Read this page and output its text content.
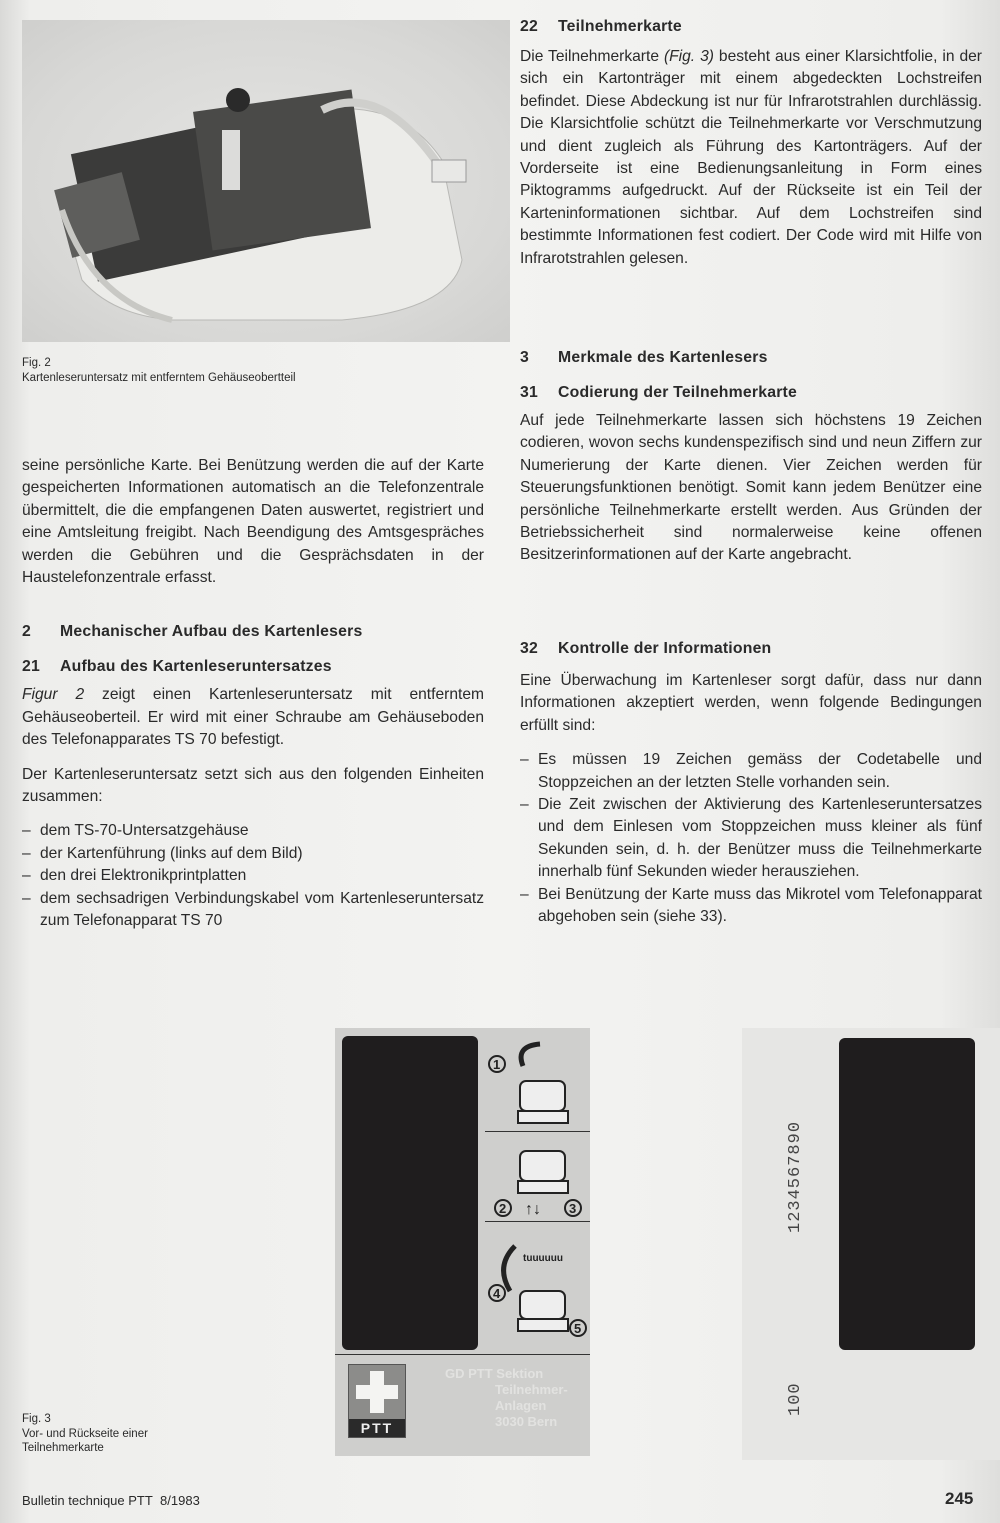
Fig. 2
Kartenleseruntersatz mit entferntem Gehäuseobertteil
22 Teilnehmerkarte

Die Teilnehmerkarte (Fig. 3) besteht aus einer Klarsichtfolie, in der sich ein Kartonträger mit einem abgedeckten Lochstreifen befindet. Diese Abdeckung ist nur für Infrarotstrahlen durchlässig. Die Klarsichtfolie schützt die Teilnehmerkarte vor Verschmutzung und dient zugleich als Führung des Kartonträgers. Auf der Vorderseite ist eine Bedienungsanleitung in Form eines Piktogramms aufgedruckt. Auf der Rückseite ist ein Teil der Karteninformationen sichtbar. Auf dem Lochstreifen sind bestimmte Informationen fest codiert. Der Code wird mit Hilfe von Infrarotstrahlen gelesen.

3 Merkmale des Kartenlesers
31 Codierung der Teilnehmerkarte

Auf jede Teilnehmerkarte lassen sich höchstens 19 Zeichen codieren, wovon sechs kundenspezifisch sind und neun Ziffern zur Numerierung der Karte dienen. Vier Zeichen werden für Steuerungsfunktionen benötigt. Somit kann jedem Benützer eine persönliche Teilnehmerkarte erstellt werden. Aus Gründen der Betriebssicherheit sind normalerweise keine offenen Besitzerinformationen auf der Karte angebracht.

32 Kontrolle der Informationen

Eine Überwachung im Kartenleser sorgt dafür, dass nur dann Informationen akzeptiert werden, wenn folgende Bedingungen erfüllt sind:

– Es müssen 19 Zeichen gemäss der Codetabelle und Stoppzeichen an der letzten Stelle vorhanden sein.
– Die Zeit zwischen der Aktivierung des Kartenleseruntersatzes und dem Einlesen vom Stoppzeichen muss kleiner als fünf Sekunden sein, d. h. der Benützer muss die Teilnehmerkarte innerhalb fünf Sekunden wieder herausziehen.
– Bei Benützung der Karte muss das Mikrotel vom Telefonapparat abgehoben sein (siehe 33).

seine persönliche Karte. Bei Benützung werden die auf der Karte gespeicherten Informationen automatisch an die Telefonzentrale übermittelt, die die empfangenen Daten auswertet, registriert und eine Amtsleitung freigibt. Nach Beendigung des Amtsgespräches werden die Gebühren und die Gesprächsdaten in der Haustelefonzentrale erfasst.

2 Mechanischer Aufbau des Kartenlesers
21 Aufbau des Kartenleseruntersatzes

Figur 2 zeigt einen Kartenleseruntersatz mit entferntem Gehäuseoberteil. Er wird mit einer Schraube am Gehäuseboden des Telefonapparates TS 70 befestigt.

Der Kartenleseruntersatz setzt sich aus den folgenden Einheiten zusammen:

– dem TS-70-Untersatzgehäuse
– der Kartenführung (links auf dem Bild)
– den drei Elektronikprintplatten
– dem sechsadrigen Verbindungskabel vom Kartenleseruntersatz zum Telefonapparat TS 70
1
2 ↑↓ 3
tuuuuuu
4
5
PTT
GD PTT Sektion
Teilnehmer-
Anlagen
3030 Bern
1234567890
100
Fig. 3
Vor- und Rückseite einer
Teilnehmerkarte
Bulletin technique PTT 8/1983	245
